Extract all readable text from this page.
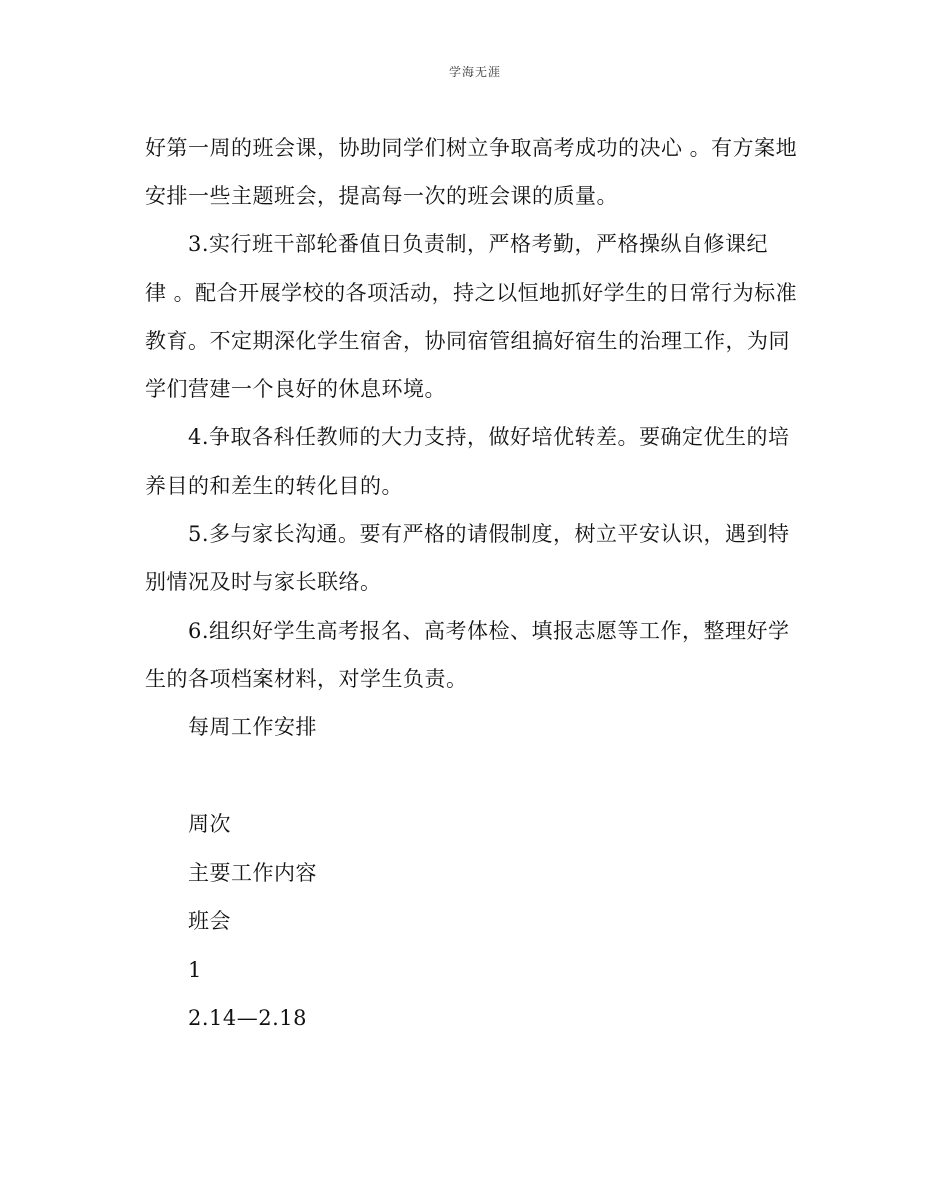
学海无涯
好第一周的班会课，协助同学们树立争取高考成功的决心 。有方案地
安排一些主题班会，提高每一次的班会课的质量。
3.实行班干部轮番值日负责制，严格考勤，严格操纵自修课纪
律 。配合开展学校的各项活动，持之以恒地抓好学生的日常行为标准
教育。不定期深化学生宿舍，协同宿管组搞好宿生的治理工作，为同
学们营建一个良好的休息环境。
4.争取各科任教师的大力支持，做好培优转差。要确定优生的培
养目的和差生的转化目的。
5.多与家长沟通。要有严格的请假制度，树立平安认识，遇到特
别情况及时与家长联络。
6.组织好学生高考报名、高考体检、填报志愿等工作，整理好学
生的各项档案材料，对学生负责。
每周工作安排
周次
主要工作内容
班会
1
2.14—2.18
